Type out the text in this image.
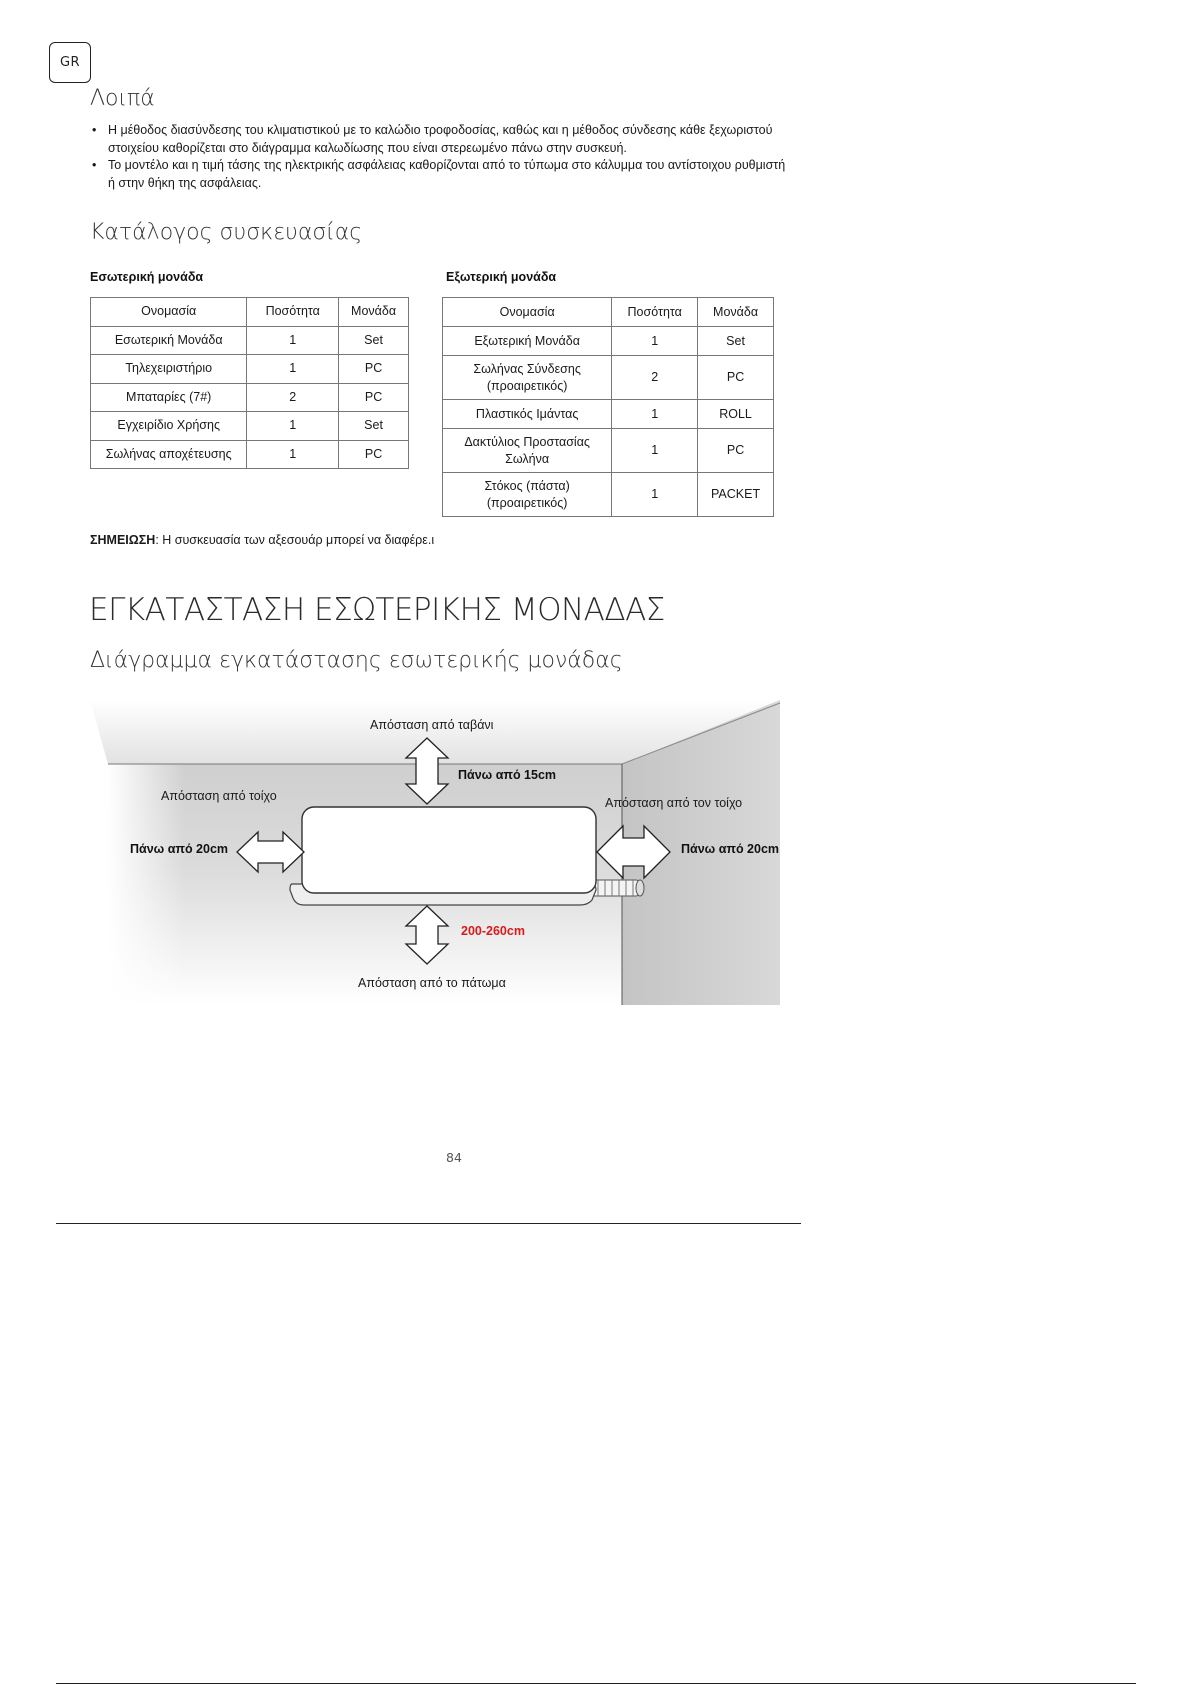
GR
Λοιπά
• Η μέθοδος διασύνδεσης του κλιματιστικού με το καλώδιο τροφοδοσίας, καθώς και η μέθοδος σύνδεσης κάθε ξεχωριστού στοιχείου καθορίζεται στο διάγραμμα καλωδίωσης που είναι στερεωμένο πάνω στην συσκευή.
• Το μοντέλο και η τιμή τάσης της ηλεκτρικής ασφάλειας καθορίζονται από το τύπωμα στο κάλυμμα του αντίστοιχου ρυθμιστή ή στην θήκη της ασφάλειας.
Κατάλογος συσκευασίας
Εσωτερική μονάδα	Εξωτερική μονάδα
Ονομασία	Ποσότητα	Μονάδα
Εσωτερική Μονάδα	1	Set
Τηλεχειριστήριο	1	PC
Μπαταρίες (7#)	2	PC
Εγχειρίδιο Χρήσης	1	Set
Σωλήνας αποχέτευσης	1	PC
Ονομασία	Ποσότητα	Μονάδα
Εξωτερική Μονάδα	1	Set
Σωλήνας Σύνδεσης (προαιρετικός)	2	PC
Πλαστικός Ιμάντας	1	ROLL
Δακτύλιος Προστασίας Σωλήνα	1	PC
Στόκος (πάστα) (προαιρετικός)	1	PACKET

ΣΗΜΕΙΩΣΗ: Η συσκευασία των αξεσουάρ μπορεί να διαφέρε.ι

ΕΓΚΑΤΑΣΤΑΣΗ ΕΣΩΤΕΡΙΚΗΣ ΜΟΝΑΔΑΣ
Διάγραμμα εγκατάστασης εσωτερικής μονάδας
Απόσταση από ταβάνι
Πάνω από 15cm
Απόσταση από τοίχο
Πάνω από 20cm
Απόσταση από τον τοίχο
Πάνω από 20cm
200-260cm
Απόσταση από το πάτωμα
84
